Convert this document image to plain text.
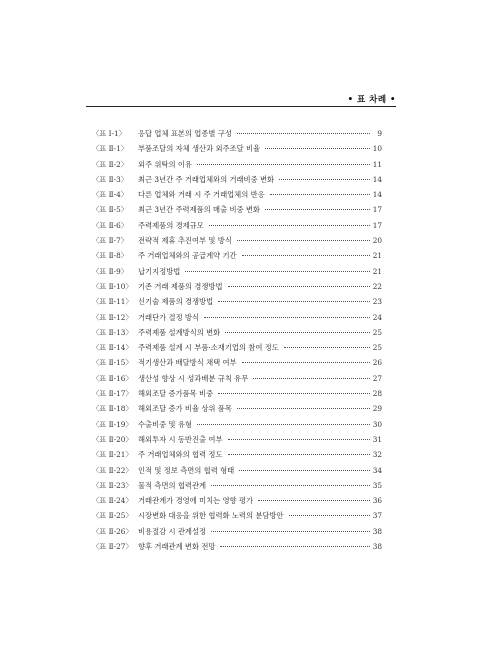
• 표 차례 •
〈표 Ⅰ-1〉	응답 업체 표본의 업종별 구성	9
〈표 Ⅱ-1〉	부품조달의 자체 생산과 외주조달 비율	10
〈표 Ⅱ-2〉	외주 위탁의 이유	11
〈표 Ⅱ-3〉	최근 3년간 주 거래업체와의 거래비중 변화	14
〈표 Ⅱ-4〉	다른 업체와 거래 시 주 거래업체의 반응	14
〈표 Ⅱ-5〉	최근 3년간 주력제품의 매출 비중 변화	17
〈표 Ⅱ-6〉	주력제품의 경제규모	17
〈표 Ⅱ-7〉	전략적 제휴 추진여부 및 방식	20
〈표 Ⅱ-8〉	주 거래업체와의 공급계약 기간	21
〈표 Ⅱ-9〉	납기지정방법	21
〈표 Ⅱ-10〉 기존 거래 제품의 경쟁방법	22
〈표 Ⅱ-11〉 신기술 제품의 경쟁방법	23
〈표 Ⅱ-12〉 거래단가 결정 방식	24
〈표 Ⅱ-13〉 주력제품 설계방식의 변화	25
〈표 Ⅱ-14〉 주력제품 설계 시 부품·소재기업의 참여 정도	25
〈표 Ⅱ-15〉 적기생산과 배달방식 채택 여부	26
〈표 Ⅱ-16〉 생산성 향상 시 성과배분 규칙 유무	27
〈표 Ⅱ-17〉 해외조달 증가품목 비중	28
〈표 Ⅱ-18〉 해외조달 증가 비율 상위 품목	29
〈표 Ⅱ-19〉 수출비중 및 유형	30
〈표 Ⅱ-20〉 해외투자 시 동반진출 여부	31
〈표 Ⅱ-21〉 주 거래업체와의 협력 정도	32
〈표 Ⅱ-22〉 인적 및 정보 측면의 협력 형태	34
〈표 Ⅱ-23〉 물적 측면의 협력관계	35
〈표 Ⅱ-24〉 거래관계가 경영에 미치는 영향 평가	36
〈표 Ⅱ-25〉 시장변화 대응을 위한 협력화 노력의 분담방안	37
〈표 Ⅱ-26〉 비용절감 시 관계설정	38
〈표 Ⅱ-27〉 향후 거래관계 변화 전망	38
